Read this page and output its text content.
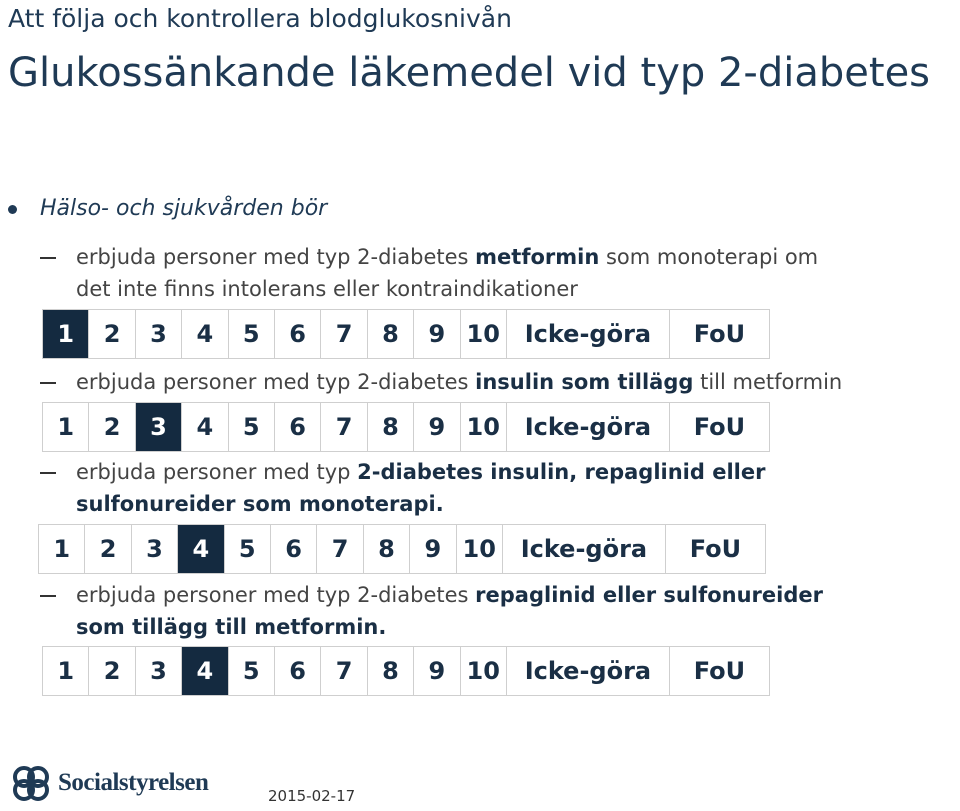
Att följa och kontrollera blodglukosnivån
Glukossänkande läkemedel vid typ 2-diabetes
Hälso- och sjukvården bör
erbjuda personer med typ 2-diabetes metformin som monoterapi om
det inte finns intolerans eller kontraindikationer
1	2	3	4	5	6	7	8	9 10	Icke-göra	FoU
erbjuda personer med typ 2-diabetes insulin som tillägg till metformin
1	2	3	4	5	6	7	8	9 10	Icke-göra	FoU
erbjuda personer med typ 2-diabetes insulin, repaglinid eller
sulfonureider som monoterapi.
1	2	3	4	5	6	7	8	9 10	Icke-göra	FoU
erbjuda personer med typ 2-diabetes repaglinid eller sulfonureider
som tillägg till metformin.
1	2	3	4	5	6	7	8	9 10	Icke-göra	FoU
Socialstyrelsen	2015-02-17
